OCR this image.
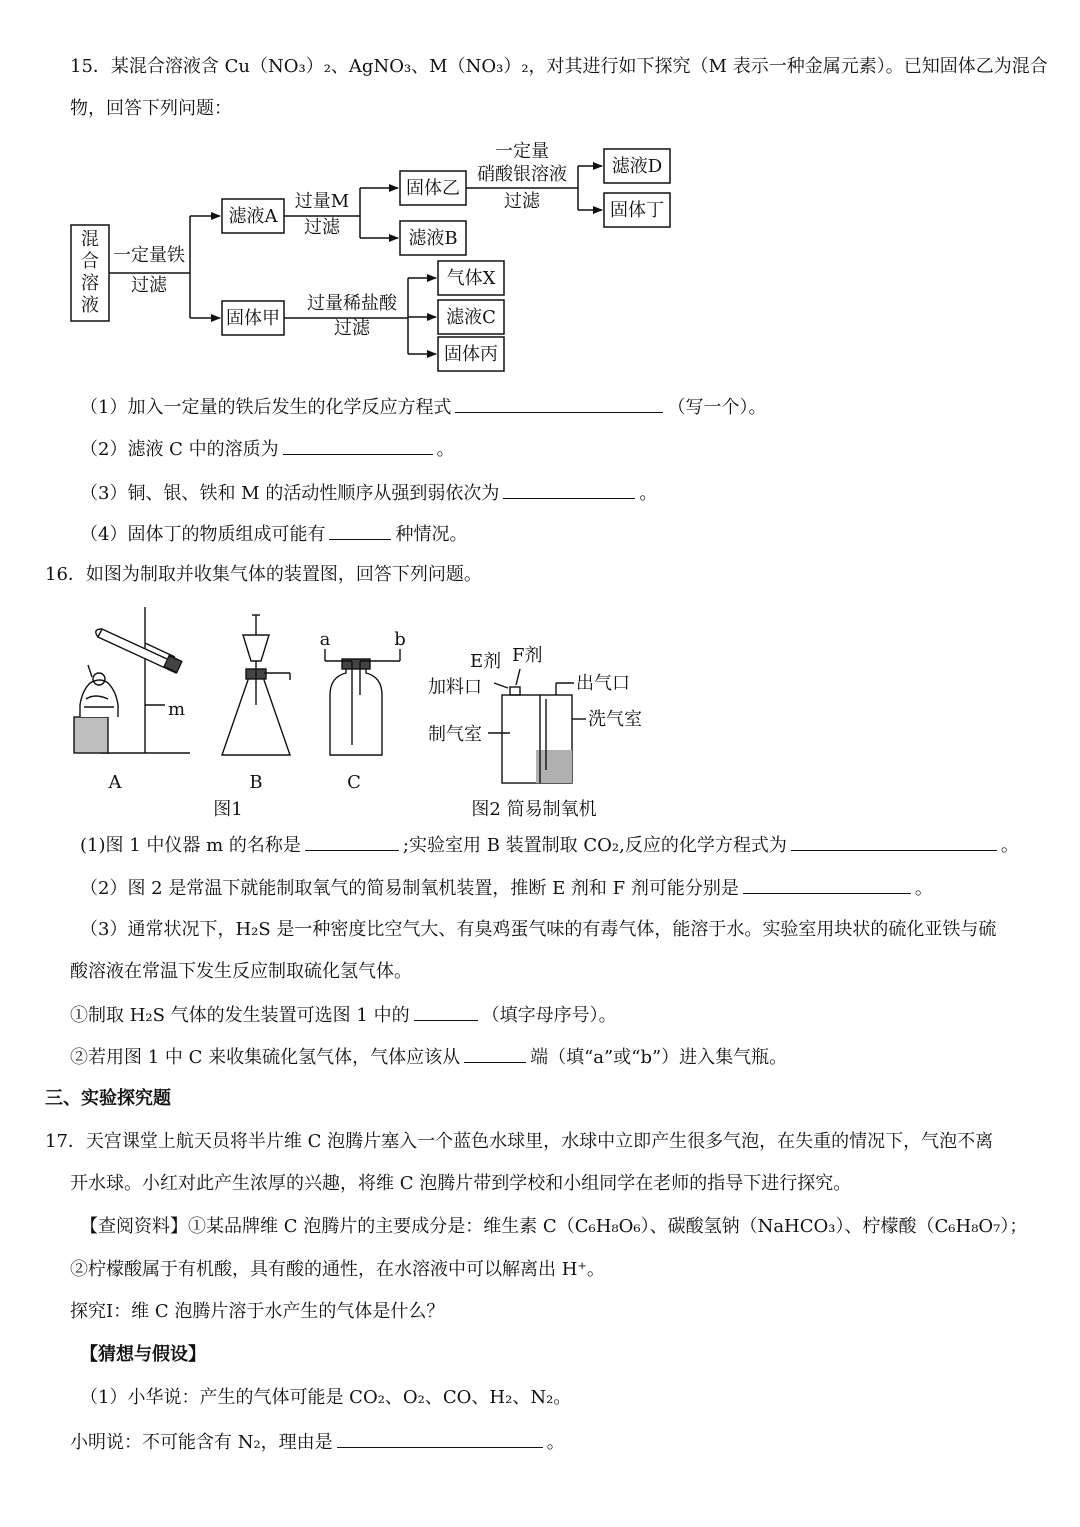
15．某混合溶液含 Cu（NO₃）₂、AgNO₃、M（NO₃）₂，对其进行如下探究（M 表示一种金属元素）。已知固体乙为混合
物，回答下列问题：
混
合
溶
液
一定量铁
过滤
滤液A
固体甲
过量M
过滤
固体乙
滤液B
一定量
硝酸银溶液
过滤
滤液D
固体丁
过量稀盐酸
过滤
气体X
滤液C
固体丙
（1）加入一定量的铁后发生的化学反应方程式	（写一个）。
（2）滤液 C 中的溶质为	。
（3）铜、银、铁和 M 的活动性顺序从强到弱依次为	。
（4）固体丁的物质组成可能有	种情况。
16．如图为制取并收集气体的装置图，回答下列问题。
A	B	C
m
a	b
图1	图2 简易制氧机
E剂 F剂
加料口	出气口
制气室
洗气室
(1)图 1 中仪器 m 的名称是	;实验室用 B 装置制取 CO₂,反应的化学方程式为	。
（2）图 2 是常温下就能制取氧气的简易制氧机装置，推断 E 剂和 F 剂可能分别是	。
（3）通常状况下，H₂S 是一种密度比空气大、有臭鸡蛋气味的有毒气体，能溶于水。实验室用块状的硫化亚铁与硫
酸溶液在常温下发生反应制取硫化氢气体。
①制取 H₂S 气体的发生装置可选图 1 中的	（填字母序号）。
②若用图 1 中 C 来收集硫化氢气体，气体应该从	端（填“a”或“b”）进入集气瓶。
三、实验探究题
17．天宫课堂上航天员将半片维 C 泡腾片塞入一个蓝色水球里，水球中立即产生很多气泡，在失重的情况下，气泡不离
开水球。小红对此产生浓厚的兴趣，将维 C 泡腾片带到学校和小组同学在老师的指导下进行探究。
【查阅资料】①某品牌维 C 泡腾片的主要成分是：维生素 C（C₆H₈O₆）、碳酸氢钠（NaHCO₃）、柠檬酸（C₆H₈O₇）；
②柠檬酸属于有机酸，具有酸的通性，在水溶液中可以解离出 H⁺。
探究Ⅰ：维 C 泡腾片溶于水产生的气体是什么？
【猜想与假设】
（1）小华说：产生的气体可能是 CO₂、O₂、CO、H₂、N₂。
小明说：不可能含有 N₂，理由是	。
